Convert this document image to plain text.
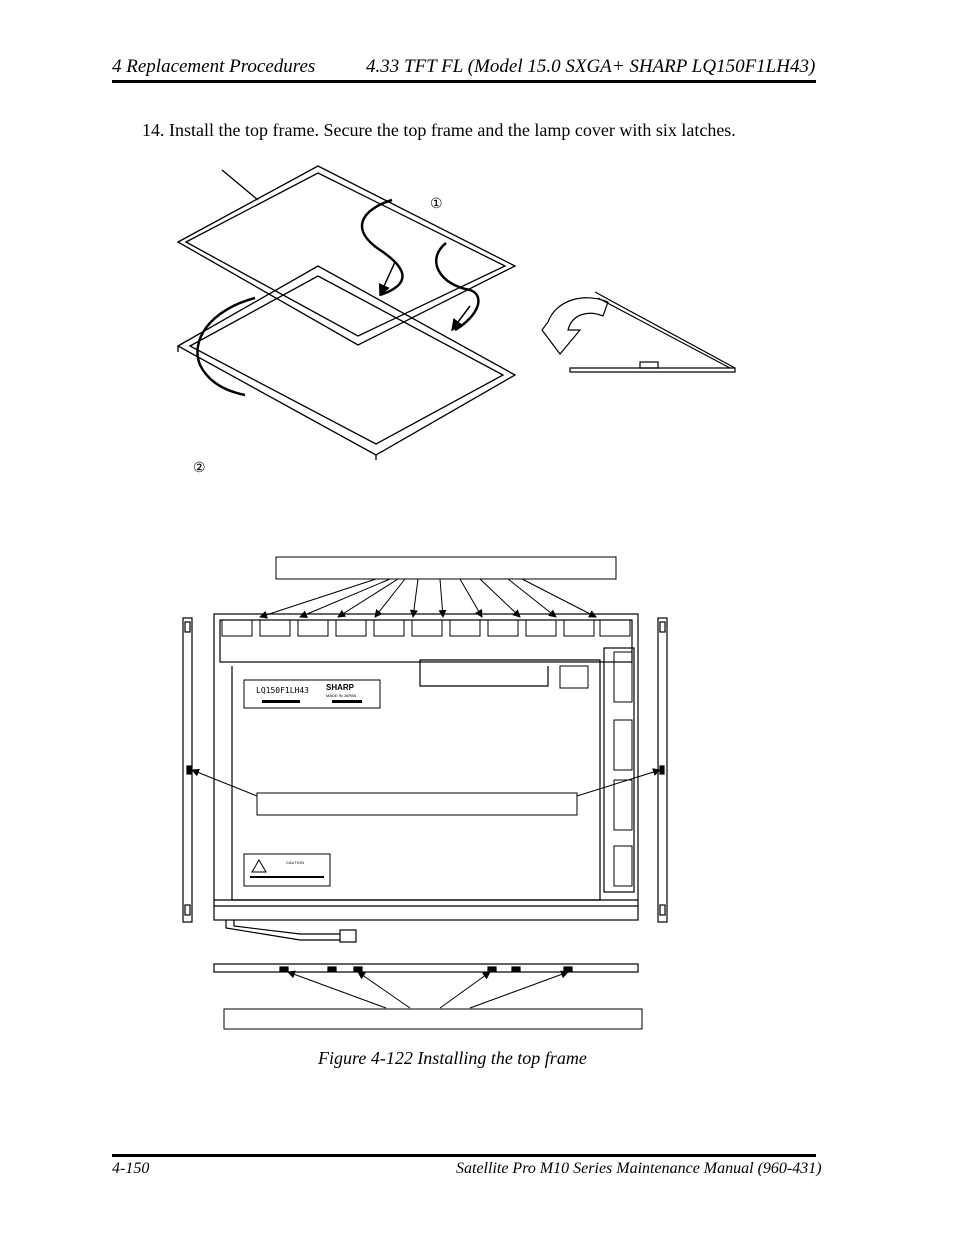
4 Replacement Procedures	4.33 TFT FL (Model 15.0 SXGA+ SHARP LQ150F1LH43)
14. Install the top frame. Secure the top frame and the lamp cover with six latches.
①
②
LQ150F1LH43 SHARP
MADE IN JAPAN
CAUTION
Figure 4-122 Installing the top frame
4-150	Satellite Pro M10 Series Maintenance Manual (960-431)
